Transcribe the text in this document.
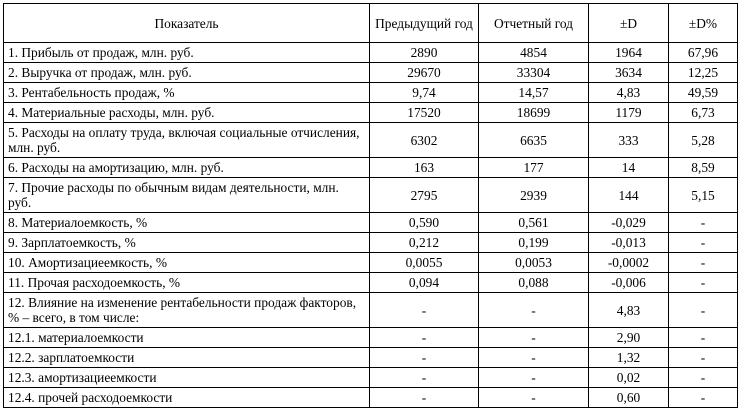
Показатель	Предыдущий год	Отчетный год	±D	±D%
1. Прибыль от продаж, млн. руб.	2890	4854	1964	67,96
2. Выручка от продаж, млн. руб.	29670	33304	3634	12,25
3. Рентабельность продаж, %	9,74	14,57	4,83	49,59
4. Материальные расходы, млн. руб.	17520	18699	1179	6,73
5. Расходы на оплату труда, включая социальные отчисления, млн. руб.	6302	6635	333	5,28
6. Расходы на амортизацию, млн. руб.	163	177	14	8,59
7. Прочие расходы по обычным видам деятельности, млн. руб.	2795	2939	144	5,15
8. Материалоемкость, %	0,590	0,561	-0,029	-
9. Зарплатоемкость, %	0,212	0,199	-0,013	-
10. Амортизациеемкость, %	0,0055	0,0053	-0,0002	-
11. Прочая расходоемкость, %	0,094	0,088	-0,006	-
12. Влияние на изменение рентабельности продаж факторов, % – всего, в том числе:	-	-	4,83	-
12.1. материалоемкости	-	-	2,90	-
12.2. зарплатоемкости	-	-	1,32	-
12.3. амортизациеемкости	-	-	0,02	-
12.4. прочей расходоемкости	-	-	0,60	-
